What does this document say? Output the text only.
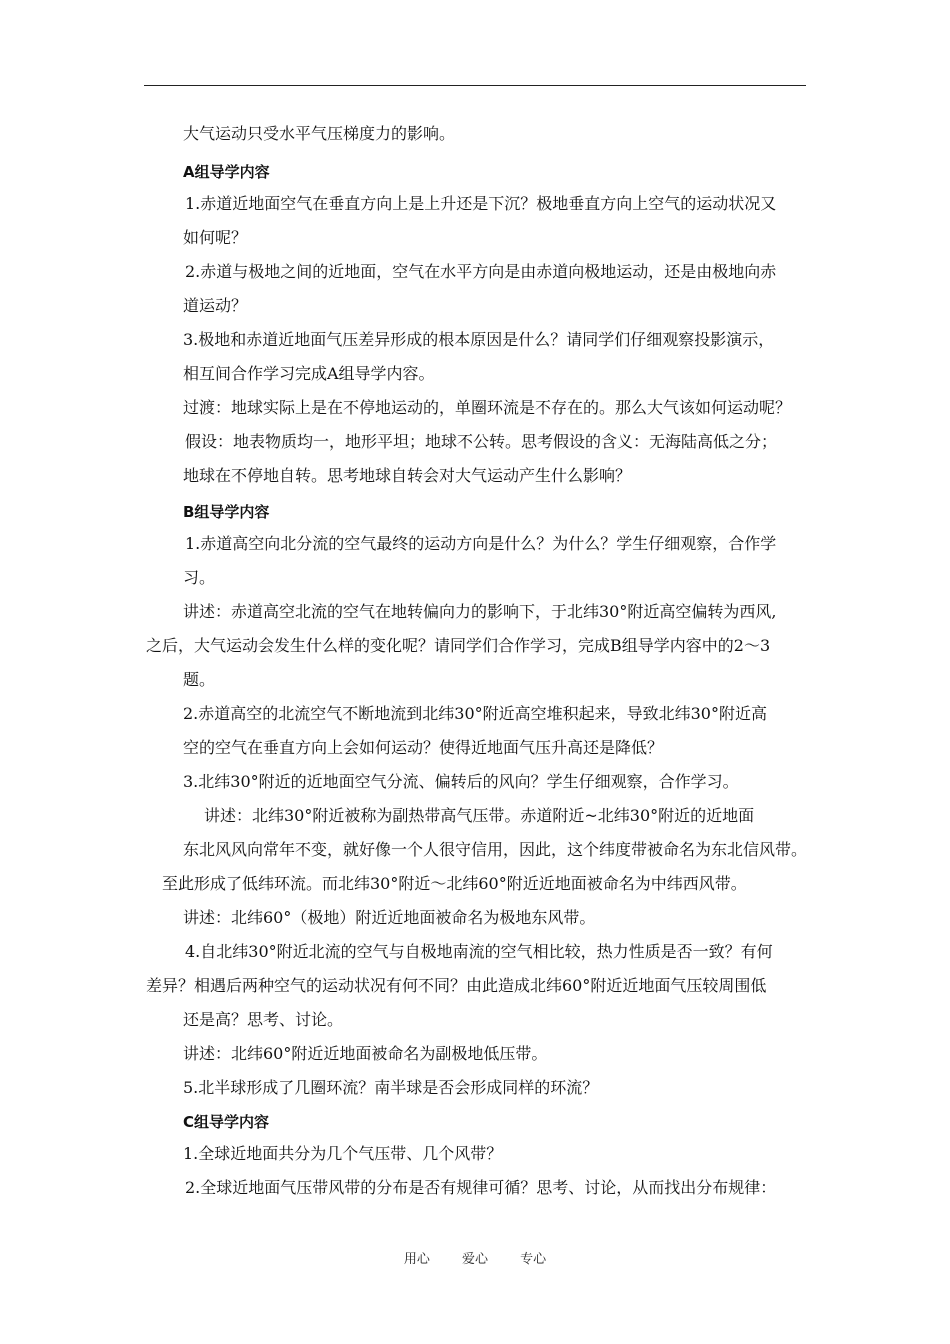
大气运动只受水平气压梯度力的影响。
A组导学内容
1.赤道近地面空气在垂直方向上是上升还是下沉？极地垂直方向上空气的运动状况又
如何呢？
2.赤道与极地之间的近地面，空气在水平方向是由赤道向极地运动，还是由极地向赤
道运动？
3.极地和赤道近地面气压差异形成的根本原因是什么？请同学们仔细观察投影演示，
相互间合作学习完成A组导学内容。
过渡：地球实际上是在不停地运动的，单圈环流是不存在的。那么大气该如何运动呢？
假设：地表物质均一，地形平坦；地球不公转。思考假设的含义：无海陆高低之分；
地球在不停地自转。思考地球自转会对大气运动产生什么影响？
B组导学内容
1.赤道高空向北分流的空气最终的运动方向是什么？为什么？学生仔细观察，合作学
习。
讲述：赤道高空北流的空气在地转偏向力的影响下，于北纬30°附近高空偏转为西风,
之后，大气运动会发生什么样的变化呢？请同学们合作学习，完成B组导学内容中的2～3
题。
2.赤道高空的北流空气不断地流到北纬30°附近高空堆积起来，导致北纬30°附近高
空的空气在垂直方向上会如何运动？使得近地面气压升高还是降低？
3.北纬30°附近的近地面空气分流、偏转后的风向？学生仔细观察，合作学习。
讲述：北纬30°附近被称为副热带高气压带。赤道附近~北纬30°附近的近地面
东北风风向常年不变，就好像一个人很守信用，因此，这个纬度带被命名为东北信风带。
至此形成了低纬环流。而北纬30°附近～北纬60°附近近地面被命名为中纬西风带。
讲述：北纬60°（极地）附近近地面被命名为极地东风带。
4.自北纬30°附近北流的空气与自极地南流的空气相比较，热力性质是否一致？有何
差异？相遇后两种空气的运动状况有何不同？由此造成北纬60°附近近地面气压较周围低
还是高？思考、讨论。
讲述：北纬60°附近近地面被命名为副极地低压带。
5.北半球形成了几圈环流？南半球是否会形成同样的环流？
C组导学内容
1.全球近地面共分为几个气压带、几个风带？
2.全球近地面气压带风带的分布是否有规律可循？思考、讨论，从而找出分布规律：
用心 爱心 专心
